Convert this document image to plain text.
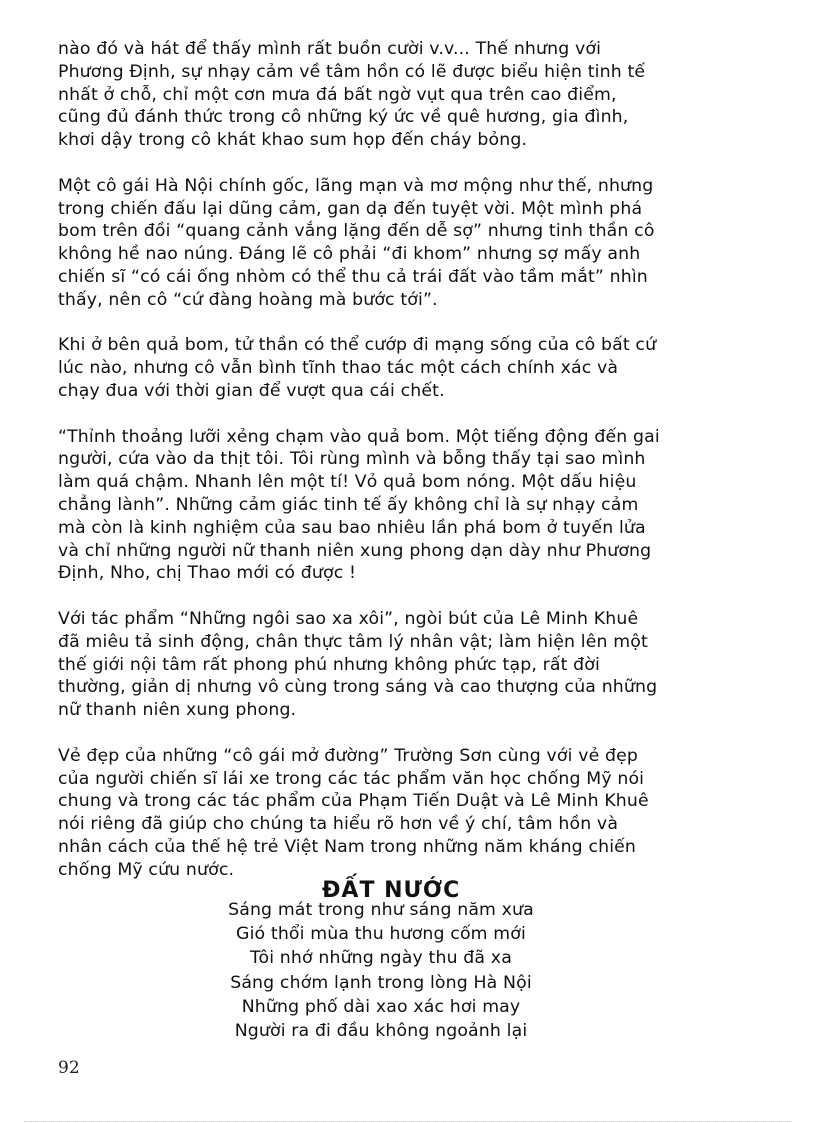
nào đó và hát để thấy mình rất buồn cười v.v... Thế nhưng với
Phương Định, sự nhạy cảm về tâm hồn có lẽ được biểu hiện tinh tế
nhất ở chỗ, chỉ một cơn mưa đá bất ngờ vụt qua trên cao điểm,
cũng đủ đánh thức trong cô những ký ức về quê hương, gia đình,
khơi dậy trong cô khát khao sum họp đến cháy bỏng.

Một cô gái Hà Nội chính gốc, lãng mạn và mơ mộng như thế, nhưng
trong chiến đấu lại dũng cảm, gan dạ đến tuyệt vời. Một mình phá
bom trên đồi “quang cảnh vắng lặng đến dễ sợ” nhưng tinh thần cô
không hề nao núng. Đáng lẽ cô phải “đi khom” nhưng sợ mấy anh
chiến sĩ “có cái ống nhòm có thể thu cả trái đất vào tầm mắt” nhìn
thấy, nên cô “cứ đàng hoàng mà bước tới”.

Khi ở bên quả bom, tử thần có thể cướp đi mạng sống của cô bất cứ
lúc nào, nhưng cô vẫn bình tĩnh thao tác một cách chính xác và
chạy đua với thời gian để vượt qua cái chết.

“Thỉnh thoảng lưỡi xẻng chạm vào quả bom. Một tiếng động đến gai
người, cứa vào da thịt tôi. Tôi rùng mình và bỗng thấy tại sao mình
làm quá chậm. Nhanh lên một tí! Vỏ quả bom nóng. Một dấu hiệu
chẳng lành”. Những cảm giác tinh tế ấy không chỉ là sự nhạy cảm
mà còn là kinh nghiệm của sau bao nhiêu lần phá bom ở tuyến lửa
và chỉ những người nữ thanh niên xung phong dạn dày như Phương
Định, Nho, chị Thao mới có được !

Với tác phẩm “Những ngôi sao xa xôi”, ngòi bút của Lê Minh Khuê
đã miêu tả sinh động, chân thực tâm lý nhân vật; làm hiện lên một
thế giới nội tâm rất phong phú nhưng không phức tạp, rất đời
thường, giản dị nhưng vô cùng trong sáng và cao thượng của những
nữ thanh niên xung phong.

Vẻ đẹp của những “cô gái mở đường” Trường Sơn cùng với vẻ đẹp
của người chiến sĩ lái xe trong các tác phẩm văn học chống Mỹ nói
chung và trong các tác phẩm của Phạm Tiến Duật và Lê Minh Khuê
nói riêng đã giúp cho chúng ta hiểu rõ hơn về ý chí, tâm hồn và
nhân cách của thế hệ trẻ Việt Nam trong những năm kháng chiến
chống Mỹ cứu nước.

Sáng mát trong như sáng năm xưa
Gió thổi mùa thu hương cốm mới
Tôi nhớ những ngày thu đã xa
Sáng chớm lạnh trong lòng Hà Nội
Những phố dài xao xác hơi may
Người ra đi đầu không ngoảnh lại
ĐẤT NƯỚC
92
